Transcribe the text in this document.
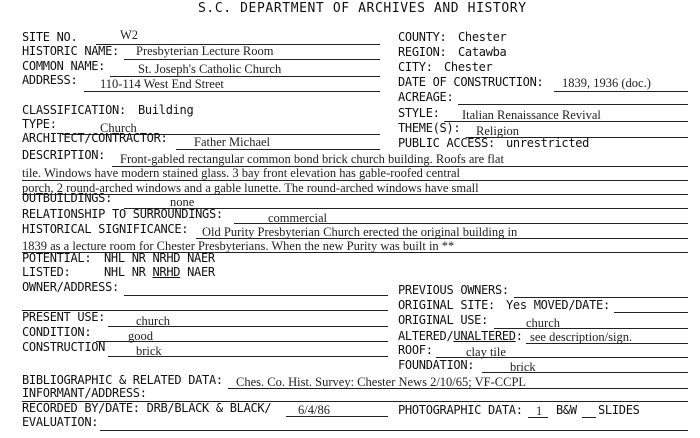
S.C. DEPARTMENT OF ARCHIVES AND HISTORY
SITE NO.	W2
HISTORIC NAME: Presbyterian Lecture Room
COMMON NAME:	St. Joseph's Catholic Church
ADDRESS: 110-114 West End Street
CLASSIFICATION: Building
TYPE:	Church
ARCHITECT/CONTRACTOR: Father Michael
COUNTY: Chester
REGION: Catawba
CITY: Chester
DATE OF CONSTRUCTION: 1839, 1936 (doc.)
ACREAGE:
STYLE: Italian Renaissance Revival
THEME(S): Religion
PUBLIC ACCESS: unrestricted
DESCRIPTION: Front-gabled rectangular common bond brick church building. Roofs are flat
tile. Windows have modern stained glass. 3 bay front elevation has gable-roofed central
porch, 2 round-arched windows and a gable lunette. The round-arched windows have small
OUTBUILDINGS:	none
RELATIONSHIP TO SURROUNDINGS:	commercial
HISTORICAL SIGNIFICANCE: Old Purity Presbyterian Church erected the original building in
1839 as a lecture room for Chester Presbyterians. When the new Purity was built in **
POTENTIAL: NHL NR NRHD NAER
LISTED:	NHL NR NRHD NAER
OWNER/ADDRESS:	PREVIOUS OWNERS:
ORIGINAL SITE: Yes MOVED/DATE:
PRESENT USE: church	ORIGINAL USE:	church
CONDITION:	good	ALTERED/UNALTERED: see description/sign.
CONSTRUCTION brick	ROOF:	clay tile
FOUNDATION:	brick
BIBLIOGRAPHIC & RELATED DATA: Ches. Co. Hist. Survey: Chester News 2/10/65; VF-CCPL
INFORMANT/ADDRESS:
RECORDED BY/DATE: DRB/BLACK & BLACK/ 6/4/86	PHOTOGRAPHIC DATA: 1 B&W SLIDES
EVALUATION:
